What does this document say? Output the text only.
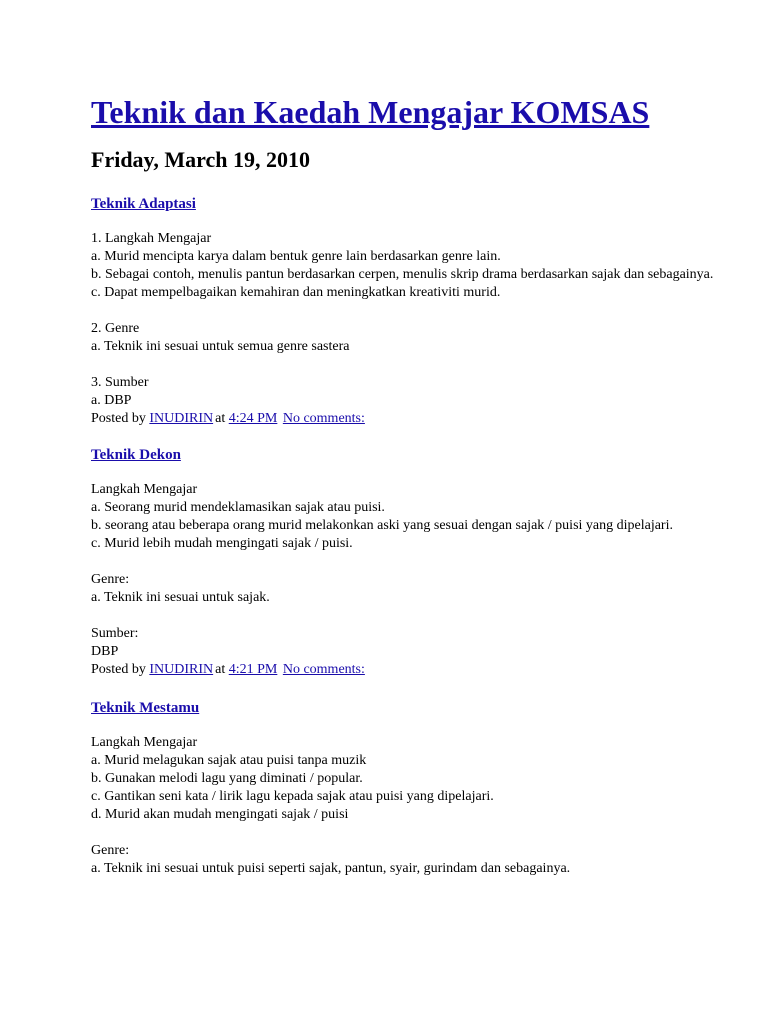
Teknik dan Kaedah Mengajar KOMSAS
Friday, March 19, 2010
Teknik Adaptasi
1. Langkah Mengajar
a. Murid mencipta karya dalam bentuk genre lain berdasarkan genre lain.
b. Sebagai contoh, menulis pantun berdasarkan cerpen, menulis skrip drama berdasarkan sajak dan sebagainya.
c. Dapat mempelbagaikan kemahiran dan meningkatkan kreativiti murid.
2. Genre
a. Teknik ini sesuai untuk semua genre sastera
3. Sumber
a. DBP
Posted by INUDIRIN at 4:24 PM No comments:
Teknik Dekon
Langkah Mengajar
a. Seorang murid mendeklamasikan sajak atau puisi.
b. seorang atau beberapa orang murid melakonkan aski yang sesuai dengan sajak / puisi yang dipelajari.
c. Murid lebih mudah mengingati sajak / puisi.
Genre:
a. Teknik ini sesuai untuk sajak.
Sumber:
DBP
Posted by INUDIRIN at 4:21 PM No comments:
Teknik Mestamu
Langkah Mengajar
a. Murid melagukan sajak atau puisi tanpa muzik
b. Gunakan melodi lagu yang diminati / popular.
c. Gantikan seni kata / lirik lagu kepada sajak atau puisi yang dipelajari.
d. Murid akan mudah mengingati sajak / puisi
Genre:
a. Teknik ini sesuai untuk puisi seperti sajak, pantun, syair, gurindam dan sebagainya.
